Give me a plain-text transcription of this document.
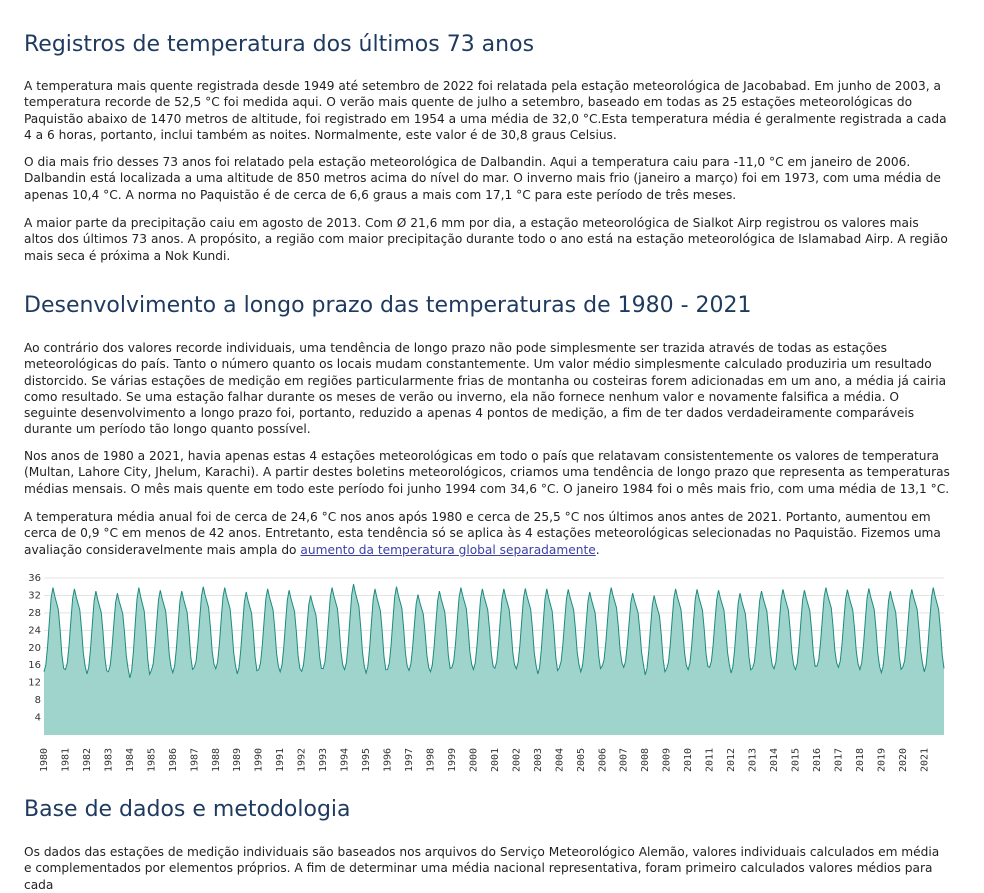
Registros de temperatura dos últimos 73 anos

A temperatura mais quente registrada desde 1949 até setembro de 2022 foi relatada pela estação meteorológica de Jacobabad. Em junho de 2003, a temperatura recorde de 52,5 °C foi medida aqui. O verão mais quente de julho a setembro, baseado em todas as 25 estações meteorológicas do Paquistão abaixo de 1470 metros de altitude, foi registrado em 1954 a uma média de 32,0 °C.Esta temperatura média é geralmente registrada a cada 4 a 6 horas, portanto, inclui também as noites. Normalmente, este valor é de 30,8 graus Celsius.

O dia mais frio desses 73 anos foi relatado pela estação meteorológica de Dalbandin. Aqui a temperatura caiu para -11,0 °C em janeiro de 2006. Dalbandin está localizada a uma altitude de 850 metros acima do nível do mar. O inverno mais frio (janeiro a março) foi em 1973, com uma média de apenas 10,4 °C. A norma no Paquistão é de cerca de 6,6 graus a mais com 17,1 °C para este período de três meses.

A maior parte da precipitação caiu em agosto de 2013. Com Ø 21,6 mm por dia, a estação meteorológica de Sialkot Airp registrou os valores mais altos dos últimos 73 anos. A propósito, a região com maior precipitação durante todo o ano está na estação meteorológica de Islamabad Airp. A região mais seca é próxima a Nok Kundi.

Desenvolvimento a longo prazo das temperaturas de 1980 - 2021

Ao contrário dos valores recorde individuais, uma tendência de longo prazo não pode simplesmente ser trazida através de todas as estações meteorológicas do país. Tanto o número quanto os locais mudam constantemente. Um valor médio simplesmente calculado produziria um resultado distorcido. Se várias estações de medição em regiões particularmente frias de montanha ou costeiras forem adicionadas em um ano, a média já cairia como resultado. Se uma estação falhar durante os meses de verão ou inverno, ela não fornece nenhum valor e novamente falsifica a média. O seguinte desenvolvimento a longo prazo foi, portanto, reduzido a apenas 4 pontos de medição, a fim de ter dados verdadeiramente comparáveis durante um período tão longo quanto possível.

Nos anos de 1980 a 2021, havia apenas estas 4 estações meteorológicas em todo o país que relatavam consistentemente os valores de temperatura (Multan, Lahore City, Jhelum, Karachi). A partir destes boletins meteorológicos, criamos uma tendência de longo prazo que representa as temperaturas médias mensais. O mês mais quente em todo este período foi junho 1994 com 34,6 °C. O janeiro 1984 foi o mês mais frio, com uma média de 13,1 °C.

A temperatura média anual foi de cerca de 24,6 °C nos anos após 1980 e cerca de 25,5 °C nos últimos anos antes de 2021. Portanto, aumentou em cerca de 0,9 °C em menos de 42 anos. Entretanto, esta tendência só se aplica às 4 estações meteorológicas selecionadas no Paquistão. Fizemos uma avaliação consideravelmente mais ampla do aumento da temperatura global separadamente.

4
8
12
16
20
24
28
32
36
1980 1981 1982 1983 1984 1985 1986 1987 1988 1989 1990 1991 1992 1993 1994 1995 1996 1997 1998 1999 2000 2001 2002 2003 2004 2005 2006 2007 2008 2009 2010 2011 2012 2013 2014 2015 2016 2017 2018 2019 2020 2021
Base de dados e metodologia

Os dados das estações de medição individuais são baseados nos arquivos do Serviço Meteorológico Alemão, valores individuais calculados em média e complementados por elementos próprios. A fim de determinar uma média nacional representativa, foram primeiro calculados valores médios para cada
